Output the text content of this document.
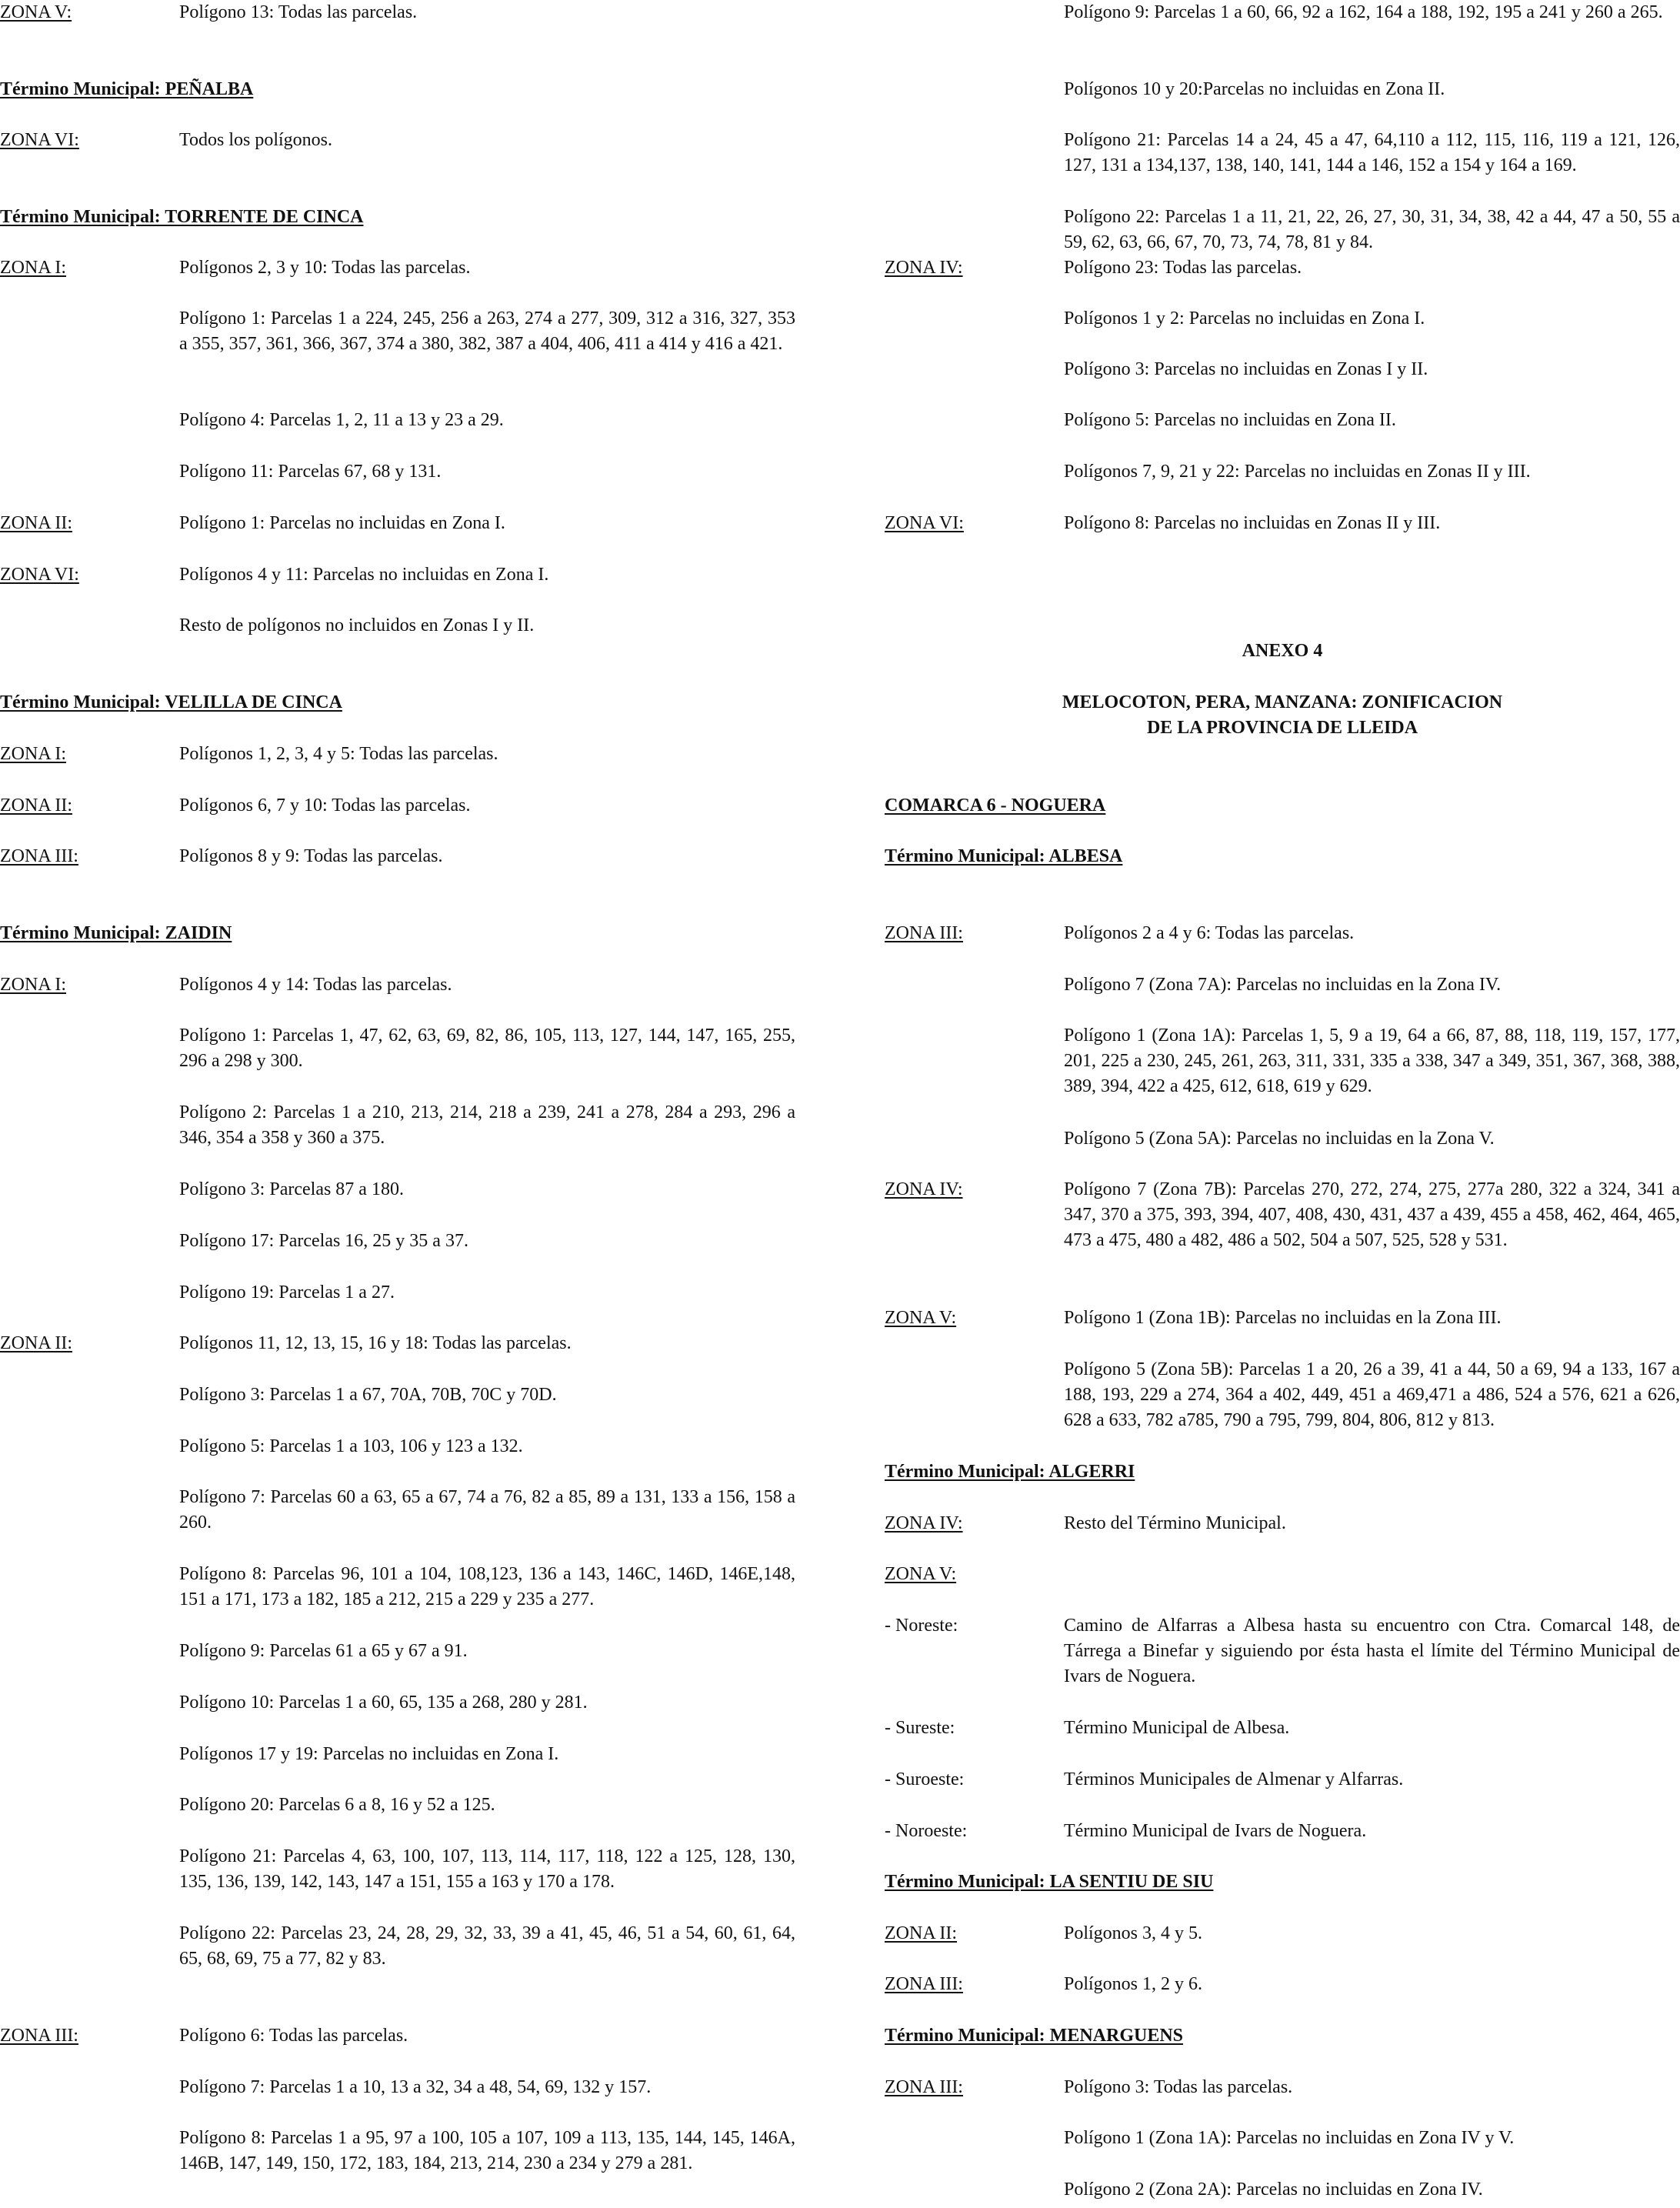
ZONA V:	Polígono 13: Todas las parcelas.
Término Municipal: PEÑALBA
ZONA VI:	Todos los polígonos.
Término Municipal: TORRENTE DE CINCA
ZONA I:	Polígonos 2, 3 y 10: Todas las parcelas.
Polígono 1: Parcelas 1 a 224, 245, 256 a 263, 274 a 277, 309, 312 a 316, 327, 353 a 355, 357, 361, 366, 367, 374 a 380, 382, 387 a 404, 406, 411 a 414 y 416 a 421.
Polígono 4: Parcelas 1, 2, 11 a 13 y 23 a 29.
Polígono 11: Parcelas 67, 68 y 131.
ZONA II:	Polígono 1: Parcelas no incluidas en Zona I.
ZONA VI:	Polígonos 4 y 11: Parcelas no incluidas en Zona I.
Resto de polígonos no incluidos en Zonas I y II.
Término Municipal: VELILLA DE CINCA
ZONA I:	Polígonos 1, 2, 3, 4 y 5: Todas las parcelas.
ZONA II:	Polígonos 6, 7 y 10: Todas las parcelas.
ZONA III:	Polígonos 8 y 9: Todas las parcelas.
Término Municipal: ZAIDIN
ZONA I:	Polígonos 4 y 14: Todas las parcelas.
Polígono 1: Parcelas 1, 47, 62, 63, 69, 82, 86, 105, 113, 127, 144, 147, 165, 255, 296 a 298 y 300.
Polígono 2: Parcelas 1 a 210, 213, 214, 218 a 239, 241 a 278, 284 a 293, 296 a 346, 354 a 358 y 360 a 375.
Polígono 3: Parcelas 87 a 180.
Polígono 17: Parcelas 16, 25 y 35 a 37.
Polígono 19: Parcelas 1 a 27.
ZONA II:	Polígonos 11, 12, 13, 15, 16 y 18: Todas las parcelas.
Polígono 3: Parcelas 1 a 67, 70A, 70B, 70C y 70D.
Polígono 5: Parcelas 1 a 103, 106 y 123 a 132.
Polígono 7: Parcelas 60 a 63, 65 a 67, 74 a 76, 82 a 85, 89 a 131, 133 a 156, 158 a 260.
Polígono 8: Parcelas 96, 101 a 104, 108,123, 136 a 143, 146C, 146D, 146E,148, 151 a 171, 173 a 182, 185 a 212, 215 a 229 y 235 a 277.
Polígono 9: Parcelas 61 a 65 y 67 a 91.
Polígono 10: Parcelas 1 a 60, 65, 135 a 268, 280 y 281.
Polígonos 17 y 19: Parcelas no incluidas en Zona I.
Polígono 20: Parcelas 6 a 8, 16 y 52 a 125.
Polígono 21: Parcelas 4, 63, 100, 107, 113, 114, 117, 118, 122 a 125, 128, 130, 135, 136, 139, 142, 143, 147 a 151, 155 a 163 y 170 a 178.
Polígono 22: Parcelas 23, 24, 28, 29, 32, 33, 39 a 41, 45, 46, 51 a 54, 60, 61, 64, 65, 68, 69, 75 a 77, 82 y 83.
ZONA III:	Polígono 6: Todas las parcelas.
Polígono 7: Parcelas 1 a 10, 13 a 32, 34 a 48, 54, 69, 132 y 157.
Polígono 8: Parcelas 1 a 95, 97 a 100, 105 a 107, 109 a 113, 135, 144, 145, 146A, 146B, 147, 149, 150, 172, 183, 184, 213, 214, 230 a 234 y 279 a 281.
ANEXO 4
MELOCOTON, PERA, MANZANA: ZONIFICACION
DE LA PROVINCIA DE LLEIDA
Polígono 9: Parcelas 1 a 60, 66, 92 a 162, 164 a 188, 192, 195 a 241 y 260 a 265.
Polígonos 10 y 20:Parcelas no incluidas en Zona II.
Polígono 21: Parcelas 14 a 24, 45 a 47, 64,110 a 112, 115, 116, 119 a 121, 126, 127, 131 a 134,137, 138, 140, 141, 144 a 146, 152 a 154 y 164 a 169.
Polígono 22: Parcelas 1 a 11, 21, 22, 26, 27, 30, 31, 34, 38, 42 a 44, 47 a 50, 55 a 59, 62, 63, 66, 67, 70, 73, 74, 78, 81 y 84.
ZONA IV:	Polígono 23: Todas las parcelas.
Polígonos 1 y 2: Parcelas no incluidas en Zona I.
Polígono 3: Parcelas no incluidas en Zonas I y II.
Polígono 5: Parcelas no incluidas en Zona II.
Polígonos 7, 9, 21 y 22: Parcelas no incluidas en Zonas II y III.
ZONA VI:	Polígono 8: Parcelas no incluidas en Zonas II y III.
COMARCA 6 - NOGUERA
Término Municipal: ALBESA
ZONA III:	Polígonos 2 a 4 y 6: Todas las parcelas.
Polígono 7 (Zona 7A): Parcelas no incluidas en la Zona IV.
Polígono 1 (Zona 1A): Parcelas 1, 5, 9 a 19, 64 a 66, 87, 88, 118, 119, 157, 177, 201, 225 a 230, 245, 261, 263, 311, 331, 335 a 338, 347 a 349, 351, 367, 368, 388, 389, 394, 422 a 425, 612, 618, 619 y 629.
Polígono 5 (Zona 5A): Parcelas no incluidas en la Zona V.
ZONA IV:	Polígono 7 (Zona 7B): Parcelas 270, 272, 274, 275, 277a 280, 322 a 324, 341 a 347, 370 a 375, 393, 394, 407, 408, 430, 431, 437 a 439, 455 a 458, 462, 464, 465, 473 a 475, 480 a 482, 486 a 502, 504 a 507, 525, 528 y 531.
ZONA V:	Polígono 1 (Zona 1B): Parcelas no incluidas en la Zona III.
Polígono 5 (Zona 5B): Parcelas 1 a 20, 26 a 39, 41 a 44, 50 a 69, 94 a 133, 167 a 188, 193, 229 a 274, 364 a 402, 449, 451 a 469,471 a 486, 524 a 576, 621 a 626, 628 a 633, 782 a785, 790 a 795, 799, 804, 806, 812 y 813.
Término Municipal: ALGERRI
ZONA IV:	Resto del Término Municipal.
ZONA V:
- Noreste:	Camino de Alfarras a Albesa hasta su encuentro con Ctra. Comarcal 148, de Tárrega a Binefar y siguiendo por ésta hasta el límite del Término Municipal de Ivars de Noguera.
- Sureste:	Término Municipal de Albesa.
- Suroeste:	Términos Municipales de Almenar y Alfarras.
- Noroeste:	Término Municipal de Ivars de Noguera.
Término Municipal: LA SENTIU DE SIU
ZONA II:	Polígonos 3, 4 y 5.
ZONA III:	Polígonos 1, 2 y 6.
Término Municipal: MENARGUENS
ZONA III:	Polígono 3: Todas las parcelas.
Polígono 1 (Zona 1A): Parcelas no incluidas en Zona IV y V.
Polígono 2 (Zona 2A): Parcelas no incluidas en Zona IV.
